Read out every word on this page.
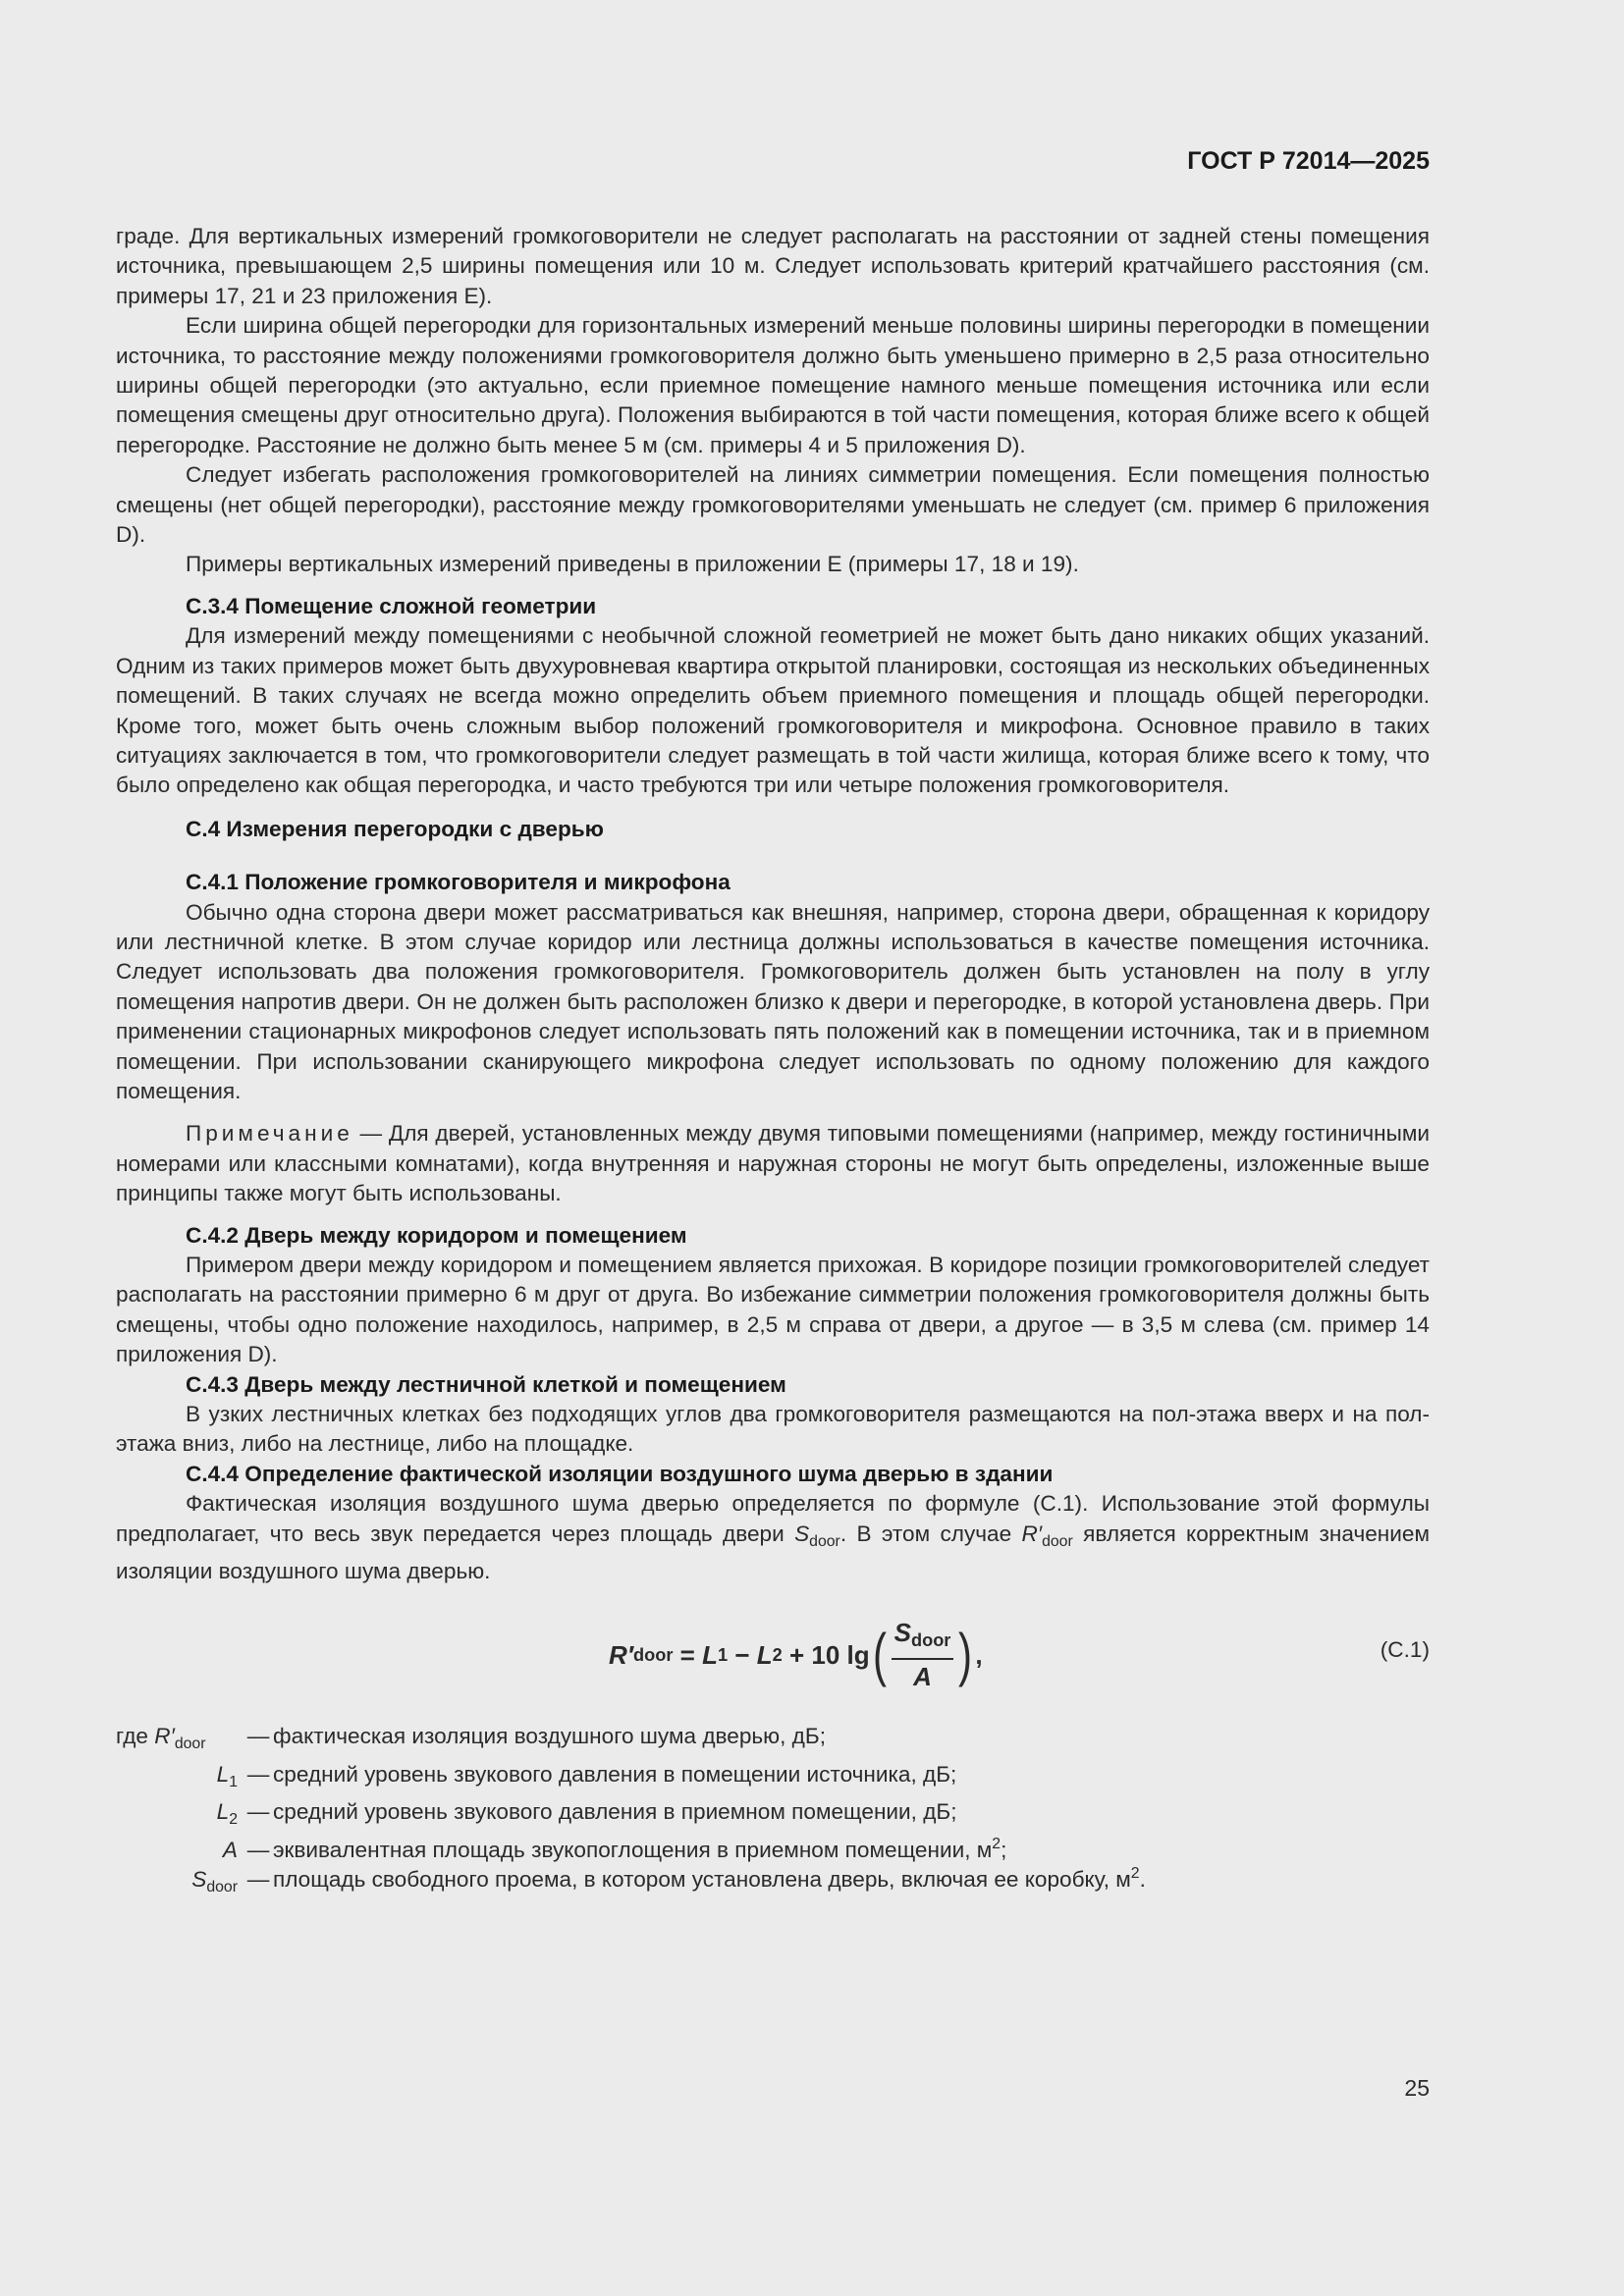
ГОСТ Р 72014—2025

граде. Для вертикальных измерений громкоговорители не следует располагать на расстоянии от задней стены помещения источника, превышающем 2,5 ширины помещения или 10 м. Следует использовать критерий кратчайшего расстояния (см. примеры 17, 21 и 23 приложения E).

Если ширина общей перегородки для горизонтальных измерений меньше половины ширины перегородки в помещении источника, то расстояние между положениями громкоговорителя должно быть уменьшено примерно в 2,5 раза относительно ширины общей перегородки (это актуально, если приемное помещение намного меньше помещения источника или если помещения смещены друг относительно друга). Положения выбираются в той части помещения, которая ближе всего к общей перегородке. Расстояние не должно быть менее 5 м (см. примеры 4 и 5 приложения D).

Следует избегать расположения громкоговорителей на линиях симметрии помещения. Если помещения полностью смещены (нет общей перегородки), расстояние между громкоговорителями уменьшать не следует (см. пример 6 приложения D).

Примеры вертикальных измерений приведены в приложении E (примеры 17, 18 и 19).

С.3.4 Помещение сложной геометрии

Для измерений между помещениями с необычной сложной геометрией не может быть дано никаких общих указаний. Одним из таких примеров может быть двухуровневая квартира открытой планировки, состоящая из нескольких объединенных помещений. В таких случаях не всегда можно определить объем приемного помещения и площадь общей перегородки. Кроме того, может быть очень сложным выбор положений громкоговорителя и микрофона. Основное правило в таких ситуациях заключается в том, что громкоговорители следует размещать в той части жилища, которая ближе всего к тому, что было определено как общая перегородка, и часто требуются три или четыре положения громкоговорителя.

С.4 Измерения перегородки с дверью

С.4.1 Положение громкоговорителя и микрофона

Обычно одна сторона двери может рассматриваться как внешняя, например, сторона двери, обращенная к коридору или лестничной клетке. В этом случае коридор или лестница должны использоваться в качестве помещения источника. Следует использовать два положения громкоговорителя. Громкоговоритель должен быть установлен на полу в углу помещения напротив двери. Он не должен быть расположен близко к двери и перегородке, в которой установлена дверь. При применении стационарных микрофонов следует использовать пять положений как в помещении источника, так и в приемном помещении. При использовании сканирующего микрофона следует использовать по одному положению для каждого помещения.

Примечание — Для дверей, установленных между двумя типовыми помещениями (например, между гостиничными номерами или классными комнатами), когда внутренняя и наружная стороны не могут быть определены, изложенные выше принципы также могут быть использованы.

С.4.2 Дверь между коридором и помещением

Примером двери между коридором и помещением является прихожая. В коридоре позиции громкоговорителей следует располагать на расстоянии примерно 6 м друг от друга. Во избежание симметрии положения громкоговорителя должны быть смещены, чтобы одно положение находилось, например, в 2,5 м справа от двери, а другое — в 3,5 м слева (см. пример 14 приложения D).

С.4.3 Дверь между лестничной клеткой и помещением

В узких лестничных клетках без подходящих углов два громкоговорителя размещаются на пол-этажа вверх и на пол-этажа вниз, либо на лестнице, либо на площадке.

С.4.4 Определение фактической изоляции воздушного шума дверью в здании

Фактическая изоляция воздушного шума дверью определяется по формуле (С.1). Использование этой формулы предполагает, что весь звук передается через площадь двери $S_{door}$. В этом случае $R'_{door}$ является корректным значением изоляции воздушного шума дверью.

R′ door = L 1 − L 2 + 10 lg ( $\frac{S_{door}}{A}$ ) ,	(С.1)
где $R'_{door}$	— фактическая изоляция воздушного шума дверью, дБ;
$L_1$ — средний уровень звукового давления в помещении источника, дБ;
$L_2$ — средний уровень звукового давления в приемном помещении, дБ;
A — эквивалентная площадь звукопоглощения в приемном помещении, $м^2$;
$S_{door}$ — площадь свободного проема, в котором установлена дверь, включая ее коробку, $м^2$.
25
